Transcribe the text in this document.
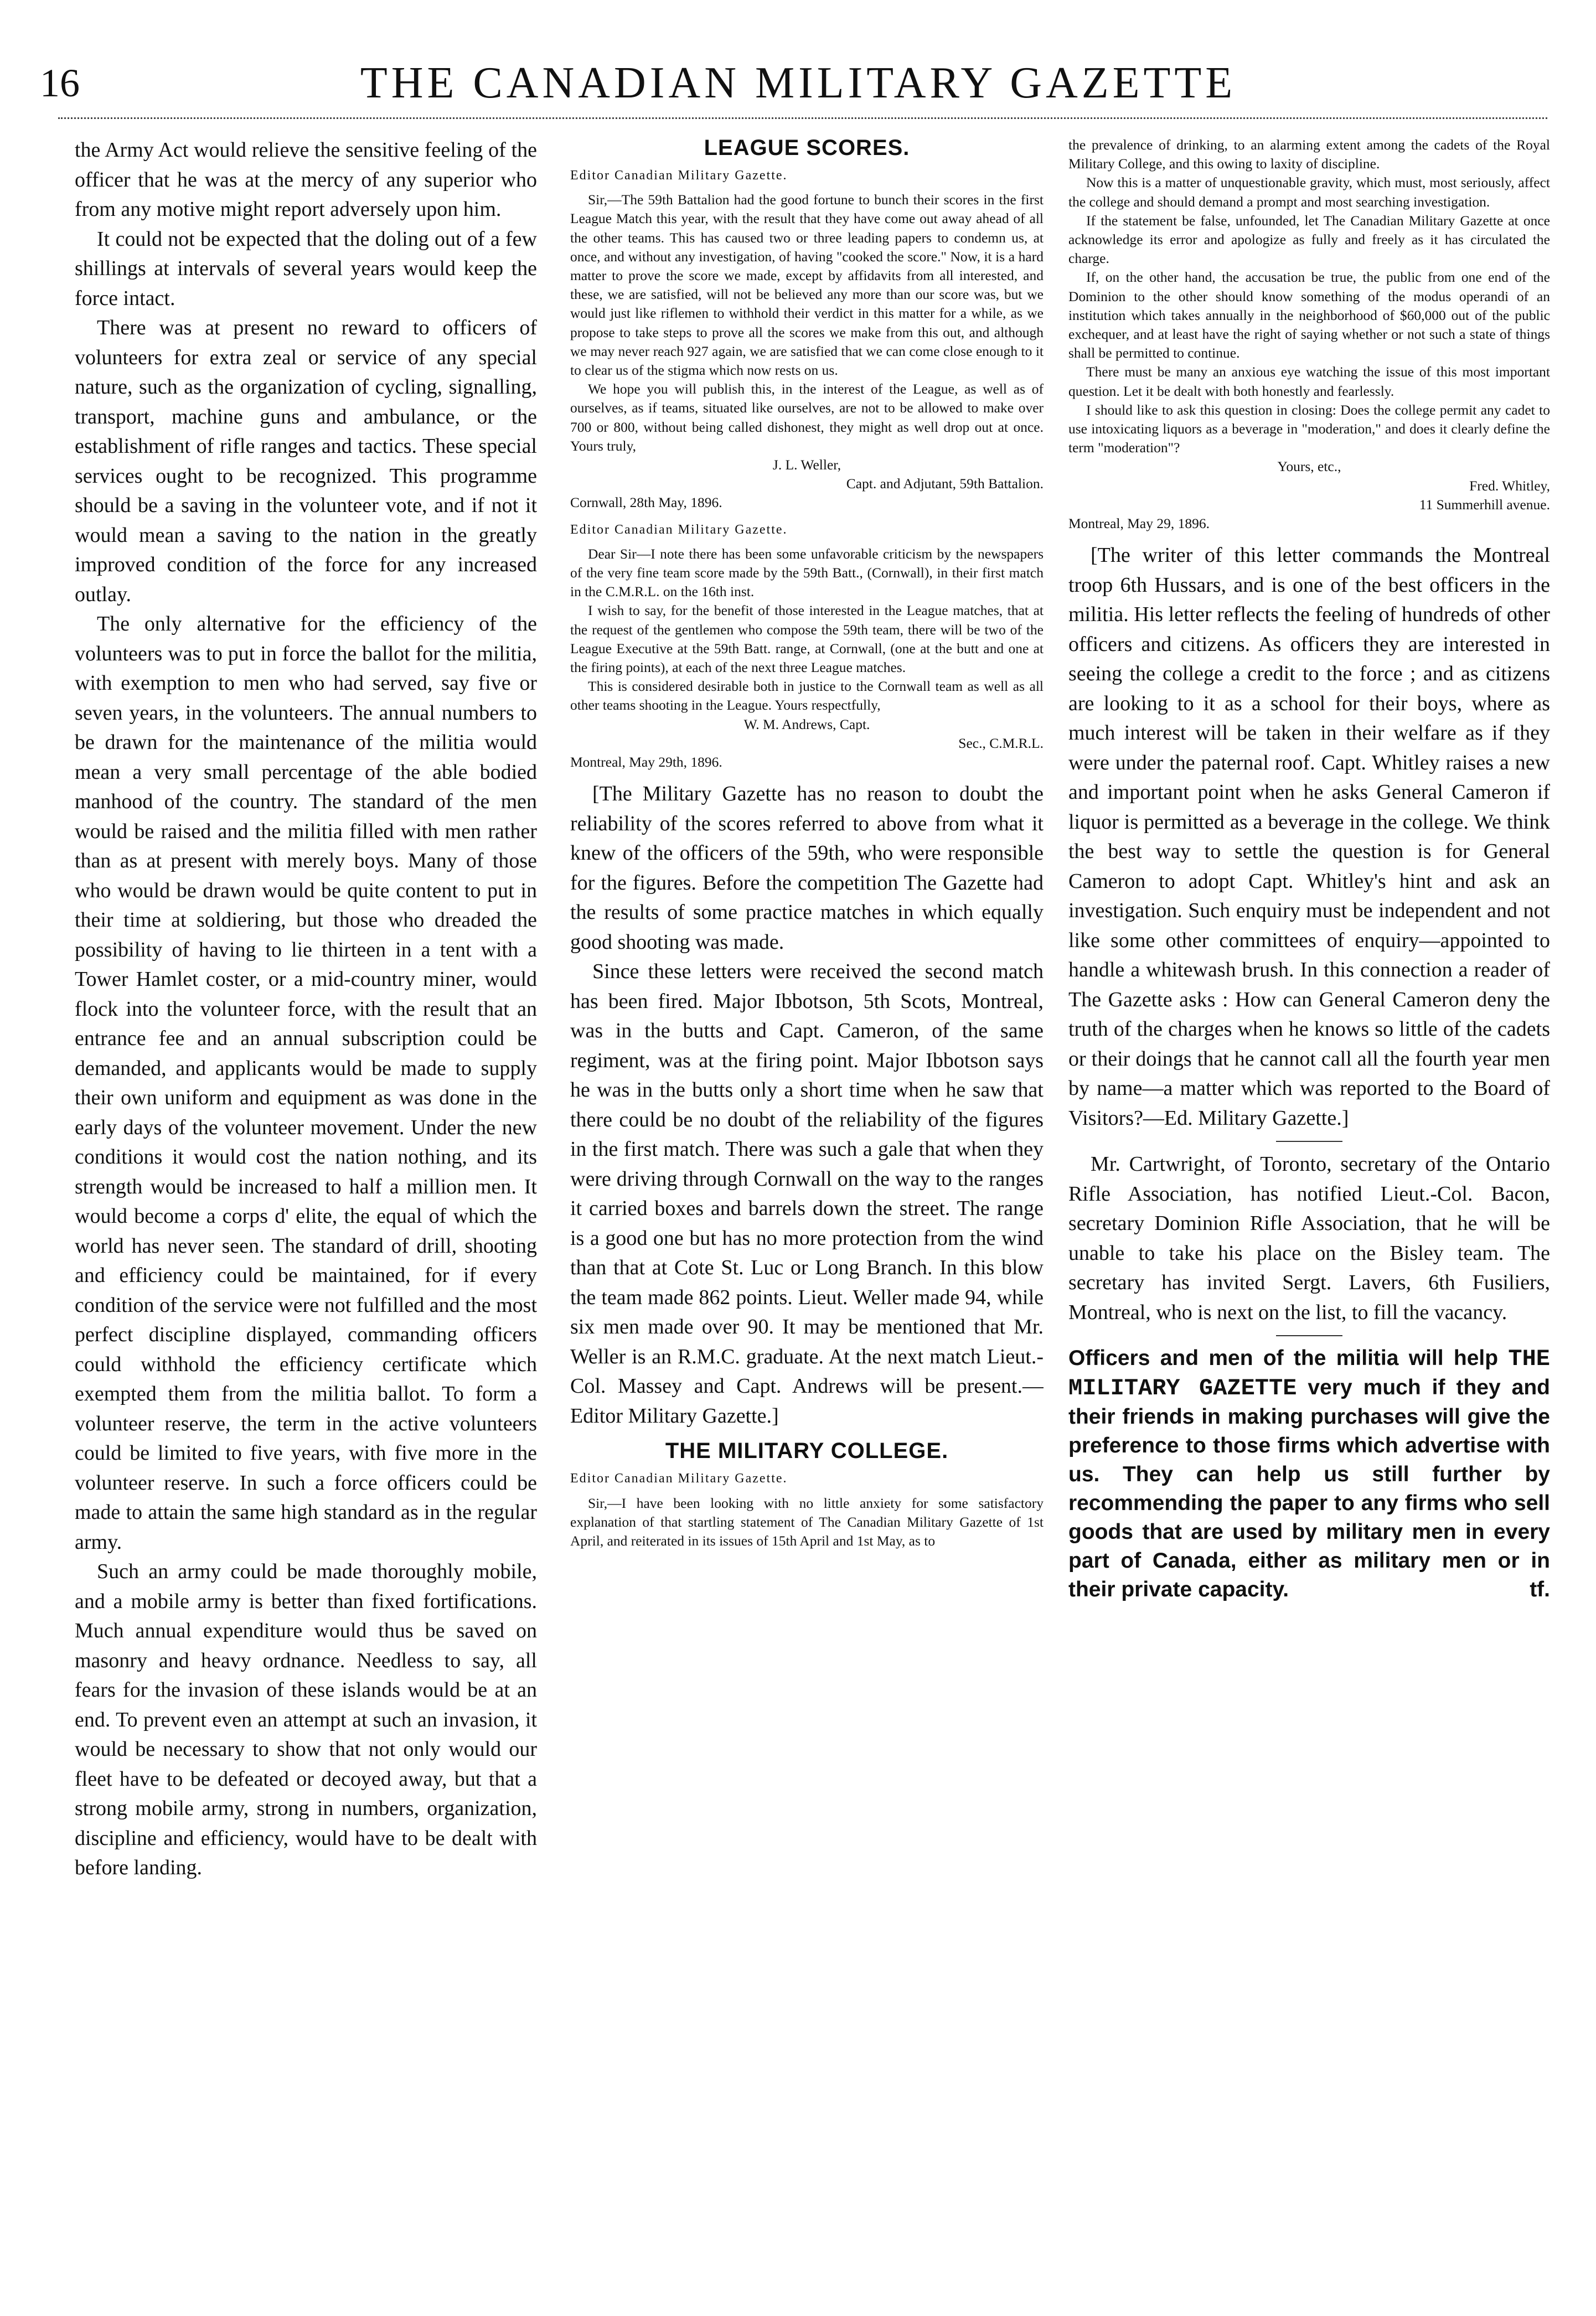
16	THE CANADIAN MILITARY GAZETTE

the Army Act would relieve the sensitive feeling of the officer that he was at the mercy of any superior who from any motive might report adversely upon him.

It could not be expected that the doling out of a few shillings at intervals of several years would keep the force intact.

There was at present no reward to officers of volunteers for extra zeal or service of any special nature, such as the organization of cycling, signalling, transport, machine guns and ambulance, or the establishment of rifle ranges and tactics. These special services ought to be recognized. This programme should be a saving in the volunteer vote, and if not it would mean a saving to the nation in the greatly improved condition of the force for any increased outlay.

The only alternative for the efficiency of the volunteers was to put in force the ballot for the militia, with exemption to men who had served, say five or seven years, in the volunteers. The annual numbers to be drawn for the maintenance of the militia would mean a very small percentage of the able bodied manhood of the country. The standard of the men would be raised and the militia filled with men rather than as at present with merely boys. Many of those who would be drawn would be quite content to put in their time at soldiering, but those who dreaded the possibility of having to lie thirteen in a tent with a Tower Hamlet coster, or a mid-country miner, would flock into the volunteer force, with the result that an entrance fee and an annual subscription could be demanded, and applicants would be made to supply their own uniform and equipment as was done in the early days of the volunteer movement. Under the new conditions it would cost the nation nothing, and its strength would be increased to half a million men. It would become a corps d' elite, the equal of which the world has never seen. The standard of drill, shooting and efficiency could be maintained, for if every condition of the service were not fulfilled and the most perfect discipline displayed, commanding officers could withhold the efficiency certificate which exempted them from the militia ballot. To form a volunteer reserve, the term in the active volunteers could be limited to five years, with five more in the volunteer reserve. In such a force officers could be made to attain the same high standard as in the regular army.

Such an army could be made thoroughly mobile, and a mobile army is better than fixed fortifications. Much annual expenditure would thus be saved on masonry and heavy ordnance. Needless to say, all fears for the invasion of these islands would be at an end. To prevent even an attempt at such an invasion, it would be necessary to show that not only would our fleet have to be defeated or decoyed away, but that a strong mobile army, strong in numbers, organization, discipline and efficiency, would have to be dealt with before landing.

LEAGUE SCORES.

Editor Canadian Military Gazette.

Sir,—The 59th Battalion had the good fortune to bunch their scores in the first League Match this year, with the result that they have come out away ahead of all the other teams. This has caused two or three leading papers to condemn us, at once, and without any investigation, of having "cooked the score." Now, it is a hard matter to prove the score we made, except by affidavits from all interested, and these, we are satisfied, will not be believed any more than our score was, but we would just like riflemen to withhold their verdict in this matter for a while, as we propose to take steps to prove all the scores we make from this out, and although we may never reach 927 again, we are satisfied that we can come close enough to it to clear us of the stigma which now rests on us.

We hope you will publish this, in the interest of the League, as well as of ourselves, as if teams, situated like ourselves, are not to be allowed to make over 700 or 800, without being called dishonest, they might as well drop out at once. Yours truly,

J. L. Weller,

Capt. and Adjutant, 59th Battalion.

Cornwall, 28th May, 1896.

Editor Canadian Military Gazette.

Dear Sir—I note there has been some unfavorable criticism by the newspapers of the very fine team score made by the 59th Batt., (Cornwall), in their first match in the C.M.R.L. on the 16th inst.

I wish to say, for the benefit of those interested in the League matches, that at the request of the gentlemen who compose the 59th team, there will be two of the League Executive at the 59th Batt. range, at Cornwall, (one at the butt and one at the firing points), at each of the next three League matches.

This is considered desirable both in justice to the Cornwall team as well as all other teams shooting in the League. Yours respectfully,

W. M. Andrews, Capt.

Sec., C.M.R.L.

Montreal, May 29th, 1896.

[The Military Gazette has no reason to doubt the reliability of the scores referred to above from what it knew of the officers of the 59th, who were responsible for the figures. Before the competition The Gazette had the results of some practice matches in which equally good shooting was made.

Since these letters were received the second match has been fired. Major Ibbotson, 5th Scots, Montreal, was in the butts and Capt. Cameron, of the same regiment, was at the firing point. Major Ibbotson says he was in the butts only a short time when he saw that there could be no doubt of the reliability of the figures in the first match. There was such a gale that when they were driving through Cornwall on the way to the ranges it carried boxes and barrels down the street. The range is a good one but has no more protection from the wind than that at Cote St. Luc or Long Branch. In this blow the team made 862 points. Lieut. Weller made 94, while six men made over 90. It may be mentioned that Mr. Weller is an R.M.C. graduate. At the next match Lieut.-Col. Massey and Capt. Andrews will be present.—Editor Military Gazette.]

THE MILITARY COLLEGE.

Editor Canadian Military Gazette.

Sir,—I have been looking with no little anxiety for some satisfactory explanation of that startling statement of The Canadian Military Gazette of 1st April, and reiterated in its issues of 15th April and 1st May, as to

the prevalence of drinking, to an alarming extent among the cadets of the Royal Military College, and this owing to laxity of discipline.

Now this is a matter of unquestionable gravity, which must, most seriously, affect the college and should demand a prompt and most searching investigation.

If the statement be false, unfounded, let The Canadian Military Gazette at once acknowledge its error and apologize as fully and freely as it has circulated the charge.

If, on the other hand, the accusation be true, the public from one end of the Dominion to the other should know something of the modus operandi of an institution which takes annually in the neighborhood of $60,000 out of the public exchequer, and at least have the right of saying whether or not such a state of things shall be permitted to continue.

There must be many an anxious eye watching the issue of this most important question. Let it be dealt with both honestly and fearlessly.

I should like to ask this question in closing: Does the college permit any cadet to use intoxicating liquors as a beverage in "moderation," and does it clearly define the term "moderation"?

Yours, etc.,

Fred. Whitley,

11 Summerhill avenue.

Montreal, May 29, 1896.

[The writer of this letter commands the Montreal troop 6th Hussars, and is one of the best officers in the militia. His letter reflects the feeling of hundreds of other officers and citizens. As officers they are interested in seeing the college a credit to the force ; and as citizens are looking to it as a school for their boys, where as much interest will be taken in their welfare as if they were under the paternal roof. Capt. Whitley raises a new and important point when he asks General Cameron if liquor is permitted as a beverage in the college. We think the best way to settle the question is for General Cameron to adopt Capt. Whitley's hint and ask an investigation. Such enquiry must be independent and not like some other committees of enquiry—appointed to handle a whitewash brush. In this connection a reader of The Gazette asks : How can General Cameron deny the truth of the charges when he knows so little of the cadets or their doings that he cannot call all the fourth year men by name—a matter which was reported to the Board of Visitors?—Ed. Military Gazette.]

Mr. Cartwright, of Toronto, secretary of the Ontario Rifle Association, has notified Lieut.-Col. Bacon, secretary Dominion Rifle Association, that he will be unable to take his place on the Bisley team. The secretary has invited Sergt. Lavers, 6th Fusiliers, Montreal, who is next on the list, to fill the vacancy.

Officers and men of the militia will help THE MILITARY GAZETTE very much if they and their friends in making purchases will give the preference to those firms which advertise with us. They can help us still further by recommending the paper to any firms who sell goods that are used by military men in every part of Canada, either as military men or in their private capacity.	tf.
